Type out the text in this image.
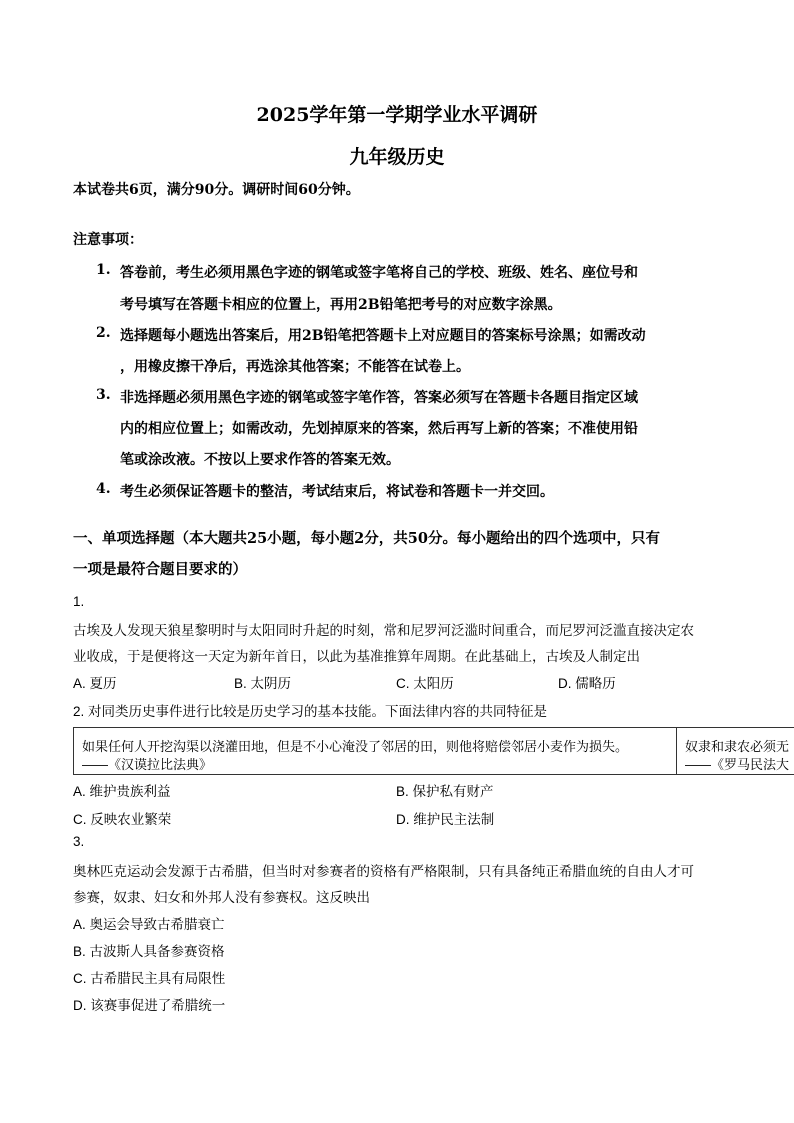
2025学年第一学期学业水平调研
九年级历史
本试卷共6页，满分90分。调研时间60分钟。
注意事项：
1. 答卷前，考生必须用黑色字迹的钢笔或签字笔将自己的学校、班级、姓名、座位号和
考号填写在答题卡相应的位置上，再用2B铅笔把考号的对应数字涂黑。
2. 选择题每小题选出答案后，用2B铅笔把答题卡上对应题目的答案标号涂黑；如需改动
，用橡皮擦干净后，再选涂其他答案；不能答在试卷上。
3. 非选择题必须用黑色字迹的钢笔或签字笔作答，答案必须写在答题卡各题目指定区域
内的相应位置上；如需改动，先划掉原来的答案，然后再写上新的答案；不准使用铅
笔或涂改液。不按以上要求作答的答案无效。
4. 考生必须保证答题卡的整洁，考试结束后，将试卷和答题卡一并交回。
一、单项选择题（本大题共25小题，每小题2分，共50分。每小题给出的四个选项中，只有
一项是最符合题目要求的）
1.
古埃及人发现天狼星黎明时与太阳同时升起的时刻，常和尼罗河泛滥时间重合，而尼罗河泛滥直接决定农
业收成，于是便将这一天定为新年首日，以此为基准推算年周期。在此基础上，古埃及人制定出
A. 夏历	B. 太阴历	C. 太阳历	D. 儒略历
2. 对同类历史事件进行比较是历史学习的基本技能。下面法律内容的共同特征是
如果任何人开挖沟渠以浇灌田地，但是不小心淹没了邻居的田，则他将赔偿邻居小麦作为损失。
——《汉谟拉比法典》
奴隶和隶农必须无
——《罗马民法大
A. 维护贵族利益	B. 保护私有财产
C. 反映农业繁荣	D. 维护民主法制
3.
奥林匹克运动会发源于古希腊，但当时对参赛者的资格有严格限制，只有具备纯正希腊血统的自由人才可
参赛，奴隶、妇女和外邦人没有参赛权。这反映出
A. 奥运会导致古希腊衰亡
B. 古波斯人具备参赛资格
C. 古希腊民主具有局限性
D. 该赛事促进了希腊统一
